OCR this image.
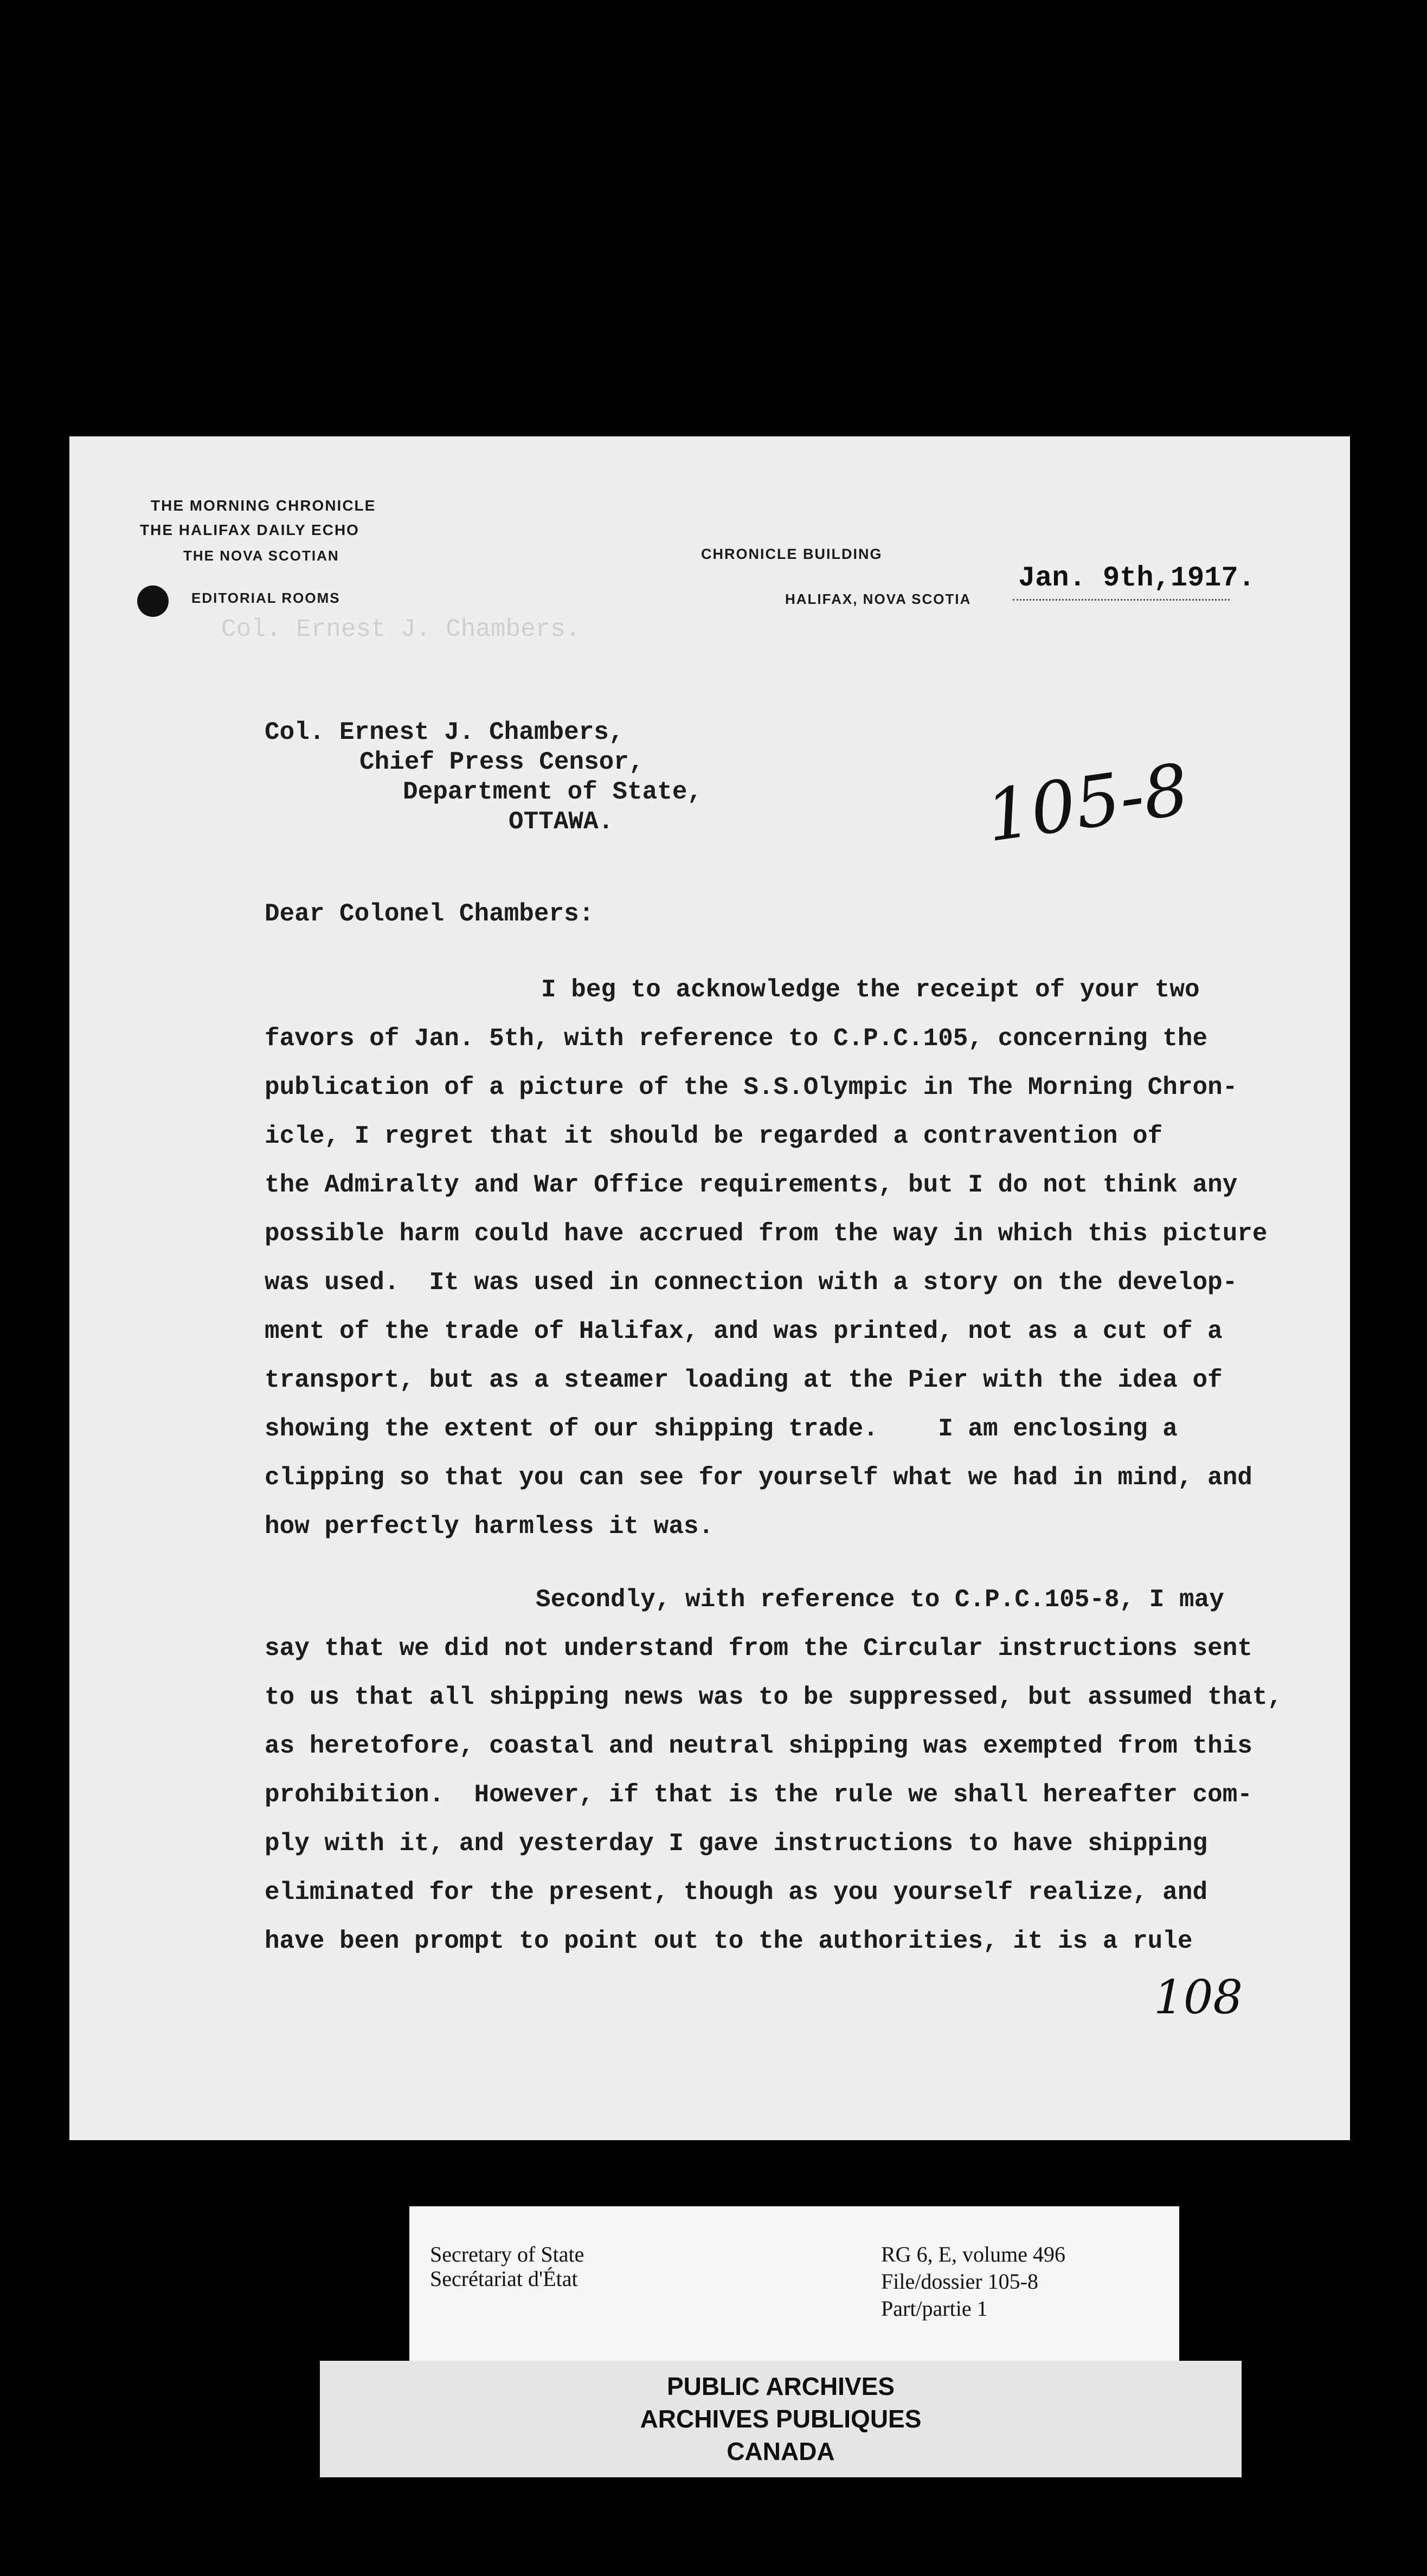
Col. Ernest J. Chambers.
THE MORNING CHRONICLE
THE HALIFAX DAILY ECHO
THE NOVA SCOTIAN
EDITORIAL ROOMS
CHRONICLE BUILDING
HALIFAX, NOVA SCOTIA
Jan. 9th,1917.
Col. Ernest J. Chambers,
Chief Press Censor,
Department of State,
OTTAWA.	105-8
Dear Colonel Chambers:
I beg to acknowledge the receipt of your two
favors of Jan. 5th, with reference to C.P.C.105, concerning the
publication of a picture of the S.S.Olympic in The Morning Chron-
icle, I regret that it should be regarded a contravention of
the Admiralty and War Office requirements, but I do not think any
possible harm could have accrued from the way in which this picture
was used.  It was used in connection with a story on the develop-
ment of the trade of Halifax, and was printed, not as a cut of a
transport, but as a steamer loading at the Pier with the idea of
showing the extent of our shipping trade.    I am enclosing a
clipping so that you can see for yourself what we had in mind, and
how perfectly harmless it was.
Secondly, with reference to C.P.C.105-8, I may
say that we did not understand from the Circular instructions sent
to us that all shipping news was to be suppressed, but assumed that,
as heretofore, coastal and neutral shipping was exempted from this
prohibition.  However, if that is the rule we shall hereafter com-
ply with it, and yesterday I gave instructions to have shipping
eliminated for the present, though as you yourself realize, and
have been prompt to point out to the authorities, it is a rule
108
Secretary of State
Secrétariat d'État
RG 6, E, volume 496
File/dossier 105-8
Part/partie 1
PUBLIC ARCHIVES
ARCHIVES PUBLIQUES
CANADA
